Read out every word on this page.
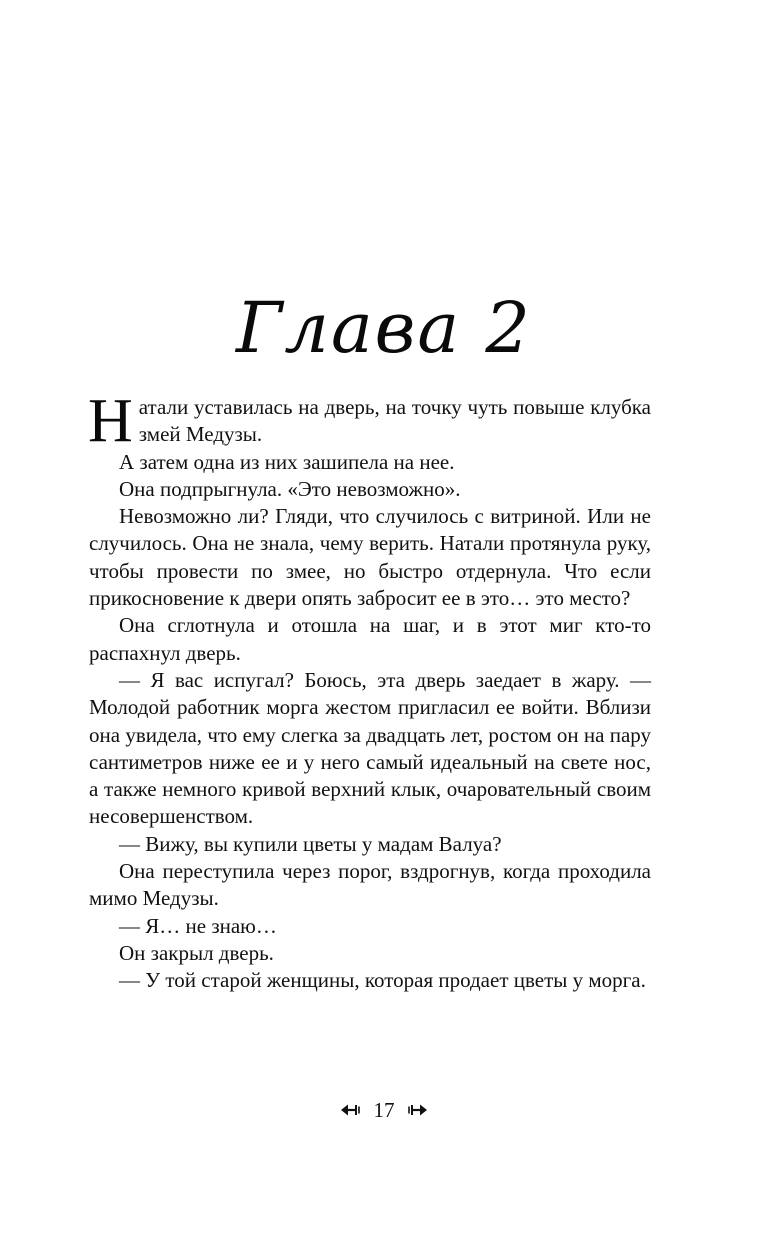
Глава 2

Натали уставилась на дверь, на точку чуть повыше клубка змей Медузы.

А затем одна из них зашипела на нее.

Она подпрыгнула. «Это невозможно».

Невозможно ли? Гляди, что случилось с витриной. Или не случилось. Она не знала, чему верить. Натали протянула руку, чтобы провести по змее, но быстро отдернула. Что если прикосновение к двери опять забросит ее в это… это место?

Она сглотнула и отошла на шаг, и в этот миг кто-то распахнул дверь.

— Я вас испугал? Боюсь, эта дверь заедает в жару. — Молодой работник морга жестом пригласил ее войти. Вблизи она увидела, что ему слегка за двадцать лет, ростом он на пару сантиметров ниже ее и у него самый идеальный на свете нос, а также немного кривой верхний клык, очаровательный своим несовершенством.

— Вижу, вы купили цветы у мадам Валуа?

Она переступила через порог, вздрогнув, когда проходила мимо Медузы.

— Я… не знаю…

Он закрыл дверь.

— У той старой женщины, которая продает цветы у морга.

17
